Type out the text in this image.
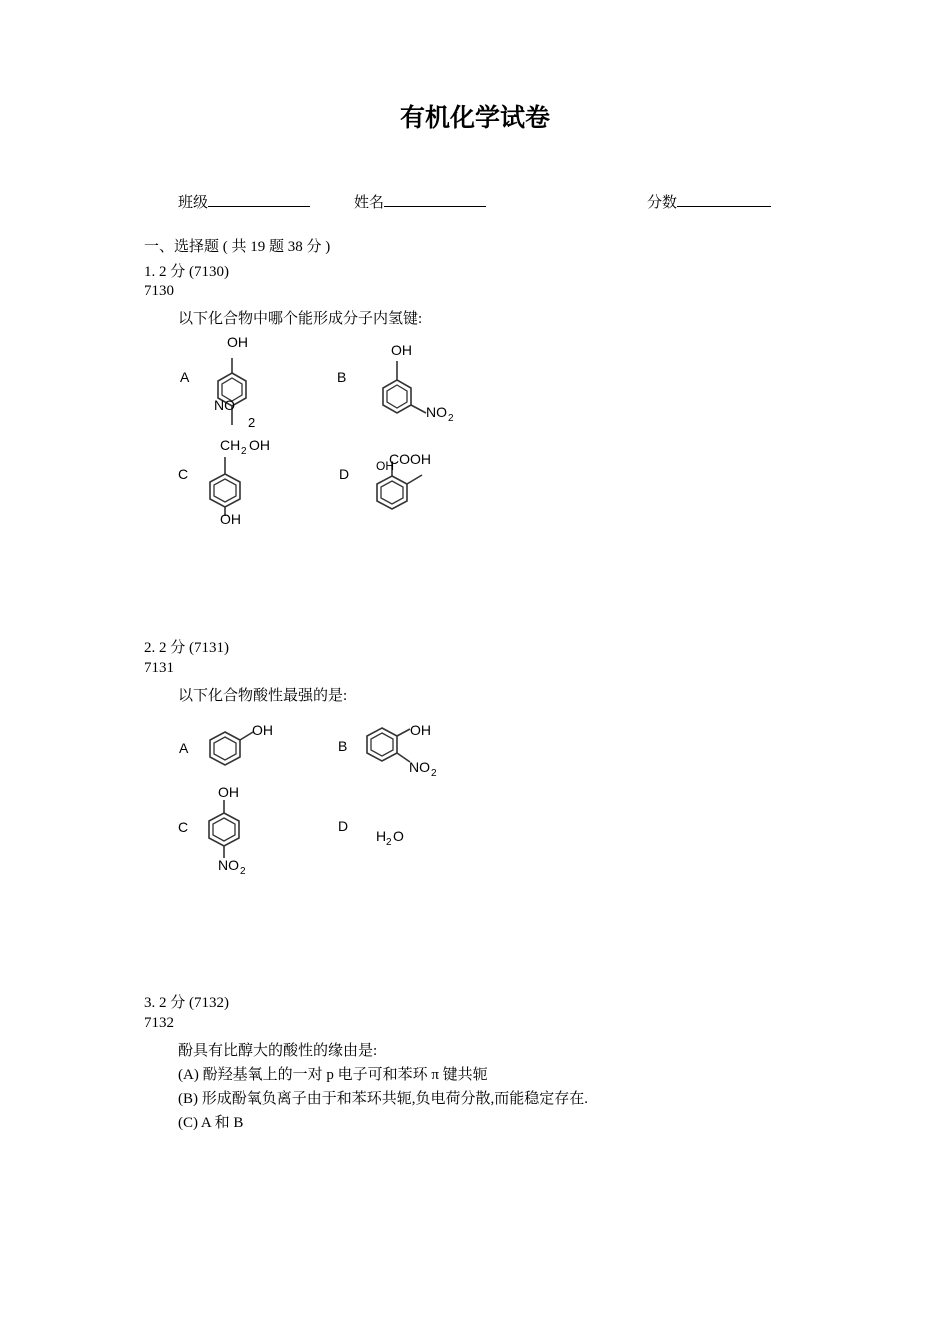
有机化学试卷
班级	姓名	分数
一、选择题 ( 共 19 题 38 分 )
1. 2 分 (7130)
7130
以下化合物中哪个能形成分子内氢键:
A	B
C	D
OH
NO
2
OH
NO 2
CH 2 OH
OH
OH
COOH
2. 2 分 (7131)
7131
以下化合物酸性最强的是:
A	B
C	D
OH	OH
NO 2
OH
NO 2
H 2 O
3. 2 分 (7132)
7132
酚具有比醇大的酸性的缘由是:
(A) 酚羟基氧上的一对 p 电子可和苯环 π 键共轭
(B) 形成酚氧负离子由于和苯环共轭,负电荷分散,而能稳定存在.
(C) A 和 B
